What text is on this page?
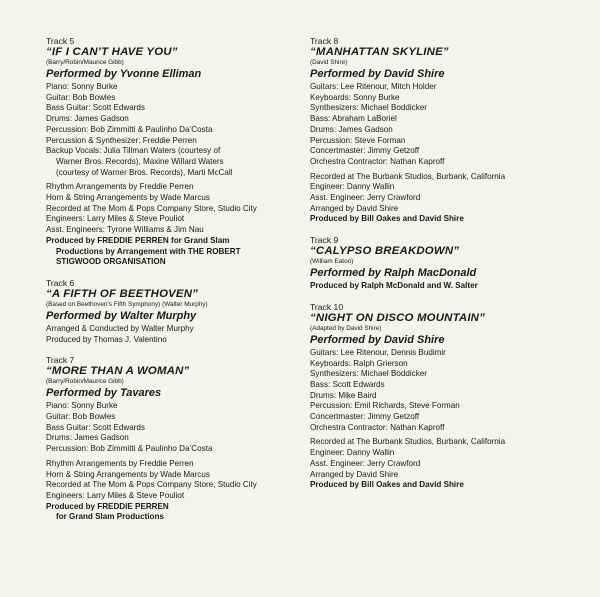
Track 5
“IF I CAN’T HAVE YOU”
(Barry/Robin/Maurice Gibb)
Performed by Yvonne Elliman
Piano: Sonny Burke
Guitar: Bob Bowles
Bass Guitar: Scott Edwards
Drums: James Gadson
Percussion: Bob Zimmitti & Paulinho Da’Costa
Percussion & Synthesizer: Freddie Perren
Backup Vocals: Julia Tillman Waters (courtesy of
Warner Bros. Records), Maxine Willard Waters
(courtesy of Warner Bros. Records), Marti McCall
Rhythm Arrangements by Freddie Perren
Horn & String Arrangements by Wade Marcus
Recorded at The Mom & Pops Company Store, Studio City
Engineers: Larry Miles & Steve Pouliot
Asst. Engineers: Tyrone Williams & Jim Nau
Produced by FREDDIE PERREN for Grand Slam
Productions by Arrangement with THE ROBERT
STIGWOOD ORGANISATION
Track 6
“A FIFTH OF BEETHOVEN”
(Based on Beethoven’s Fifth Symphony) (Walter Murphy)
Performed by Walter Murphy
Arranged & Conducted by Walter Murphy
Produced by Thomas J. Valentino
Track 7
“MORE THAN A WOMAN”
(Barry/Robin/Maurice Gibb)
Performed by Tavares
Piano: Sonny Burke
Guitar: Bob Bowles
Bass Guitar: Scott Edwards
Drums: James Gadson
Percussion: Bob Zimmitti & Paulinho Da’Costa
Rhythm Arrangements by Freddie Perren
Horn & String Arrangements by Wade Marcus
Recorded at The Mom & Pops Company Store, Studio City
Engineers: Larry Miles & Steve Pouliot
Produced by FREDDIE PERREN
for Grand Slam Productions
Track 8
“MANHATTAN SKYLINE”
(David Shire)
Performed by David Shire
Guitars: Lee Ritenour, Mitch Holder
Keyboards: Sonny Burke
Synthesizers: Michael Boddicker
Bass: Abraham LaBoriel
Drums: James Gadson
Percussion: Steve Forman
Concertmaster: Jimmy Getzoff
Orchestra Contractor: Nathan Kaproff
Recorded at The Burbank Studios, Burbank, California
Engineer: Danny Wallin
Asst. Engineer: Jerry Crawford
Arranged by David Shire
Produced by Bill Oakes and David Shire
Track 9
“CALYPSO BREAKDOWN”
(William Eaton)
Performed by Ralph MacDonald
Produced by Ralph McDonald and W. Salter
Track 10
“NIGHT ON DISCO MOUNTAIN”
(Adapted by David Shire)
Performed by David Shire
Guitars: Lee Ritenour, Dennis Budimir
Keyboards: Ralph Grierson
Synthesizers: Michael Boddicker
Bass: Scott Edwards
Drums: Mike Baird
Percussion: Emil Richards, Steve Forman
Concertmaster: Jimmy Getzoff
Orchestra Contractor: Nathan Kaproff
Recorded at The Burbank Studios, Burbank, California
Engineer: Danny Wallin
Asst. Engineer: Jerry Crawford
Arranged by David Shire
Produced by Bill Oakes and David Shire
